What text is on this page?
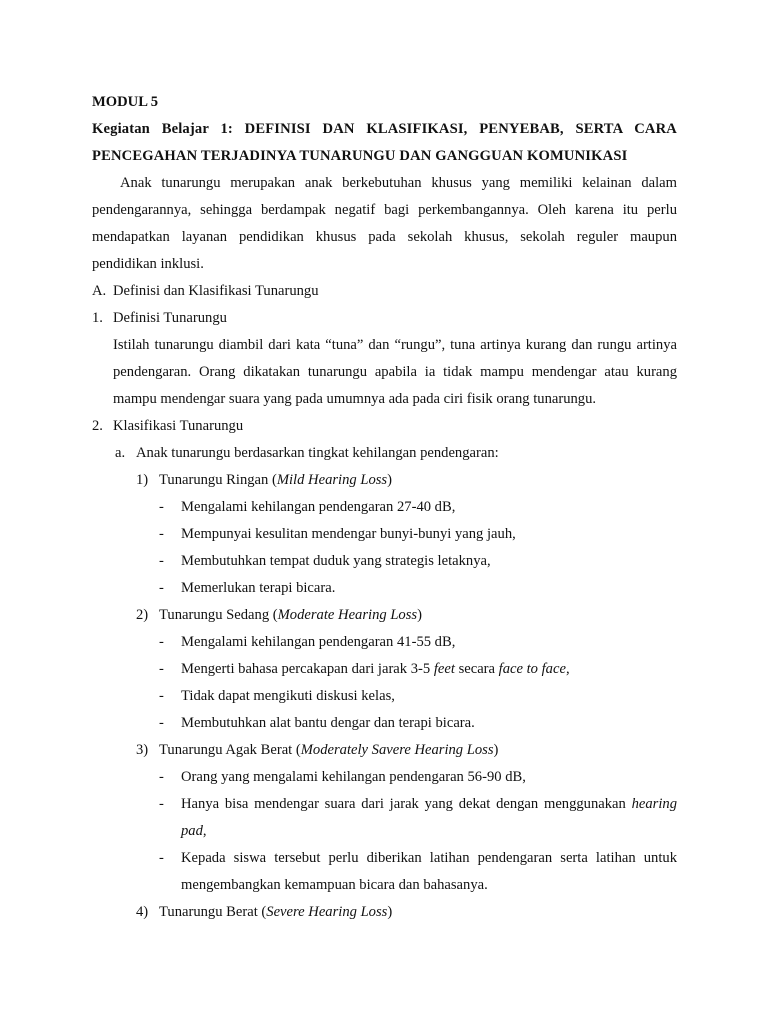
MODUL 5
Kegiatan Belajar 1: DEFINISI DAN KLASIFIKASI, PENYEBAB, SERTA CARA
PENCEGAHAN TERJADINYA TUNARUNGU DAN GANGGUAN KOMUNIKASI
Anak tunarungu merupakan anak berkebutuhan khusus yang memiliki kelainan dalam
pendengarannya, sehingga berdampak negatif bagi perkembangannya. Oleh karena itu perlu
mendapatkan layanan pendidikan khusus pada sekolah khusus, sekolah reguler maupun
pendidikan inklusi.
A. Definisi dan Klasifikasi Tunarungu
1. Definisi Tunarungu
Istilah tunarungu diambil dari kata “tuna” dan “rungu”, tuna artinya kurang dan rungu artinya
pendengaran. Orang dikatakan tunarungu apabila ia tidak mampu mendengar atau kurang
mampu mendengar suara yang pada umumnya ada pada ciri fisik orang tunarungu.
2. Klasifikasi Tunarungu
a. Anak tunarungu berdasarkan tingkat kehilangan pendengaran:
1) Tunarungu Ringan (Mild Hearing Loss)
- Mengalami kehilangan pendengaran 27-40 dB,
- Mempunyai kesulitan mendengar bunyi-bunyi yang jauh,
- Membutuhkan tempat duduk yang strategis letaknya,
- Memerlukan terapi bicara.
2) Tunarungu Sedang (Moderate Hearing Loss)
- Mengalami kehilangan pendengaran 41-55 dB,
- Mengerti bahasa percakapan dari jarak 3-5 feet secara face to face,
- Tidak dapat mengikuti diskusi kelas,
- Membutuhkan alat bantu dengar dan terapi bicara.
3) Tunarungu Agak Berat (Moderately Savere Hearing Loss)
- Orang yang mengalami kehilangan pendengaran 56-90 dB,
- Hanya bisa mendengar suara dari jarak yang dekat dengan menggunakan hearing
pad,
- Kepada siswa tersebut perlu diberikan latihan pendengaran serta latihan untuk
mengembangkan kemampuan bicara dan bahasanya.
4) Tunarungu Berat (Severe Hearing Loss)
